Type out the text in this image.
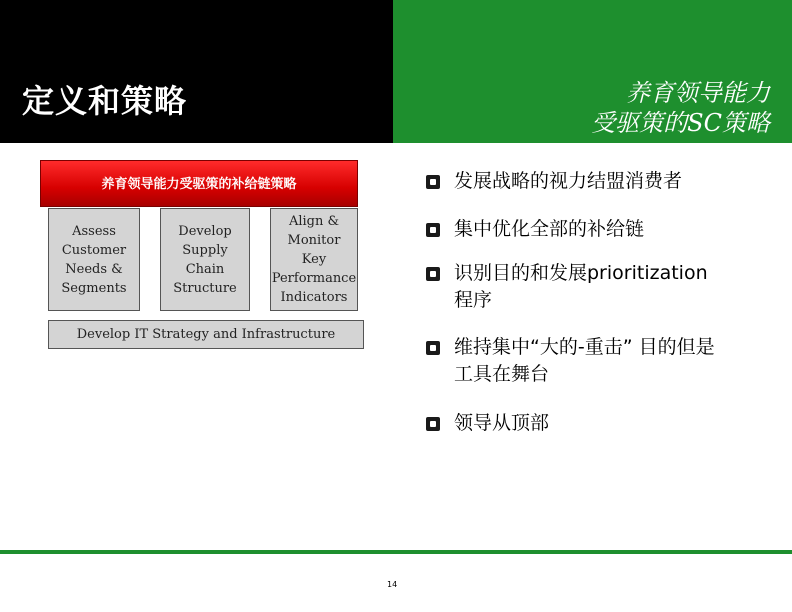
定义和策略	养育领导能力
受驱策的SC策略
养育领导能力受驱策的补给链策略
Assess
Customer
Needs &
Segments
Develop
Supply Chain
Structure
Align &
Monitor
Key
Performance
Indicators
Develop IT Strategy and Infrastructure
发展战略的视力结盟消费者
集中优化全部的补给链
识别目的和发展prioritization
程序
维持集中“大的-重击” 目的但是
工具在舞台
领导从顶部
14
